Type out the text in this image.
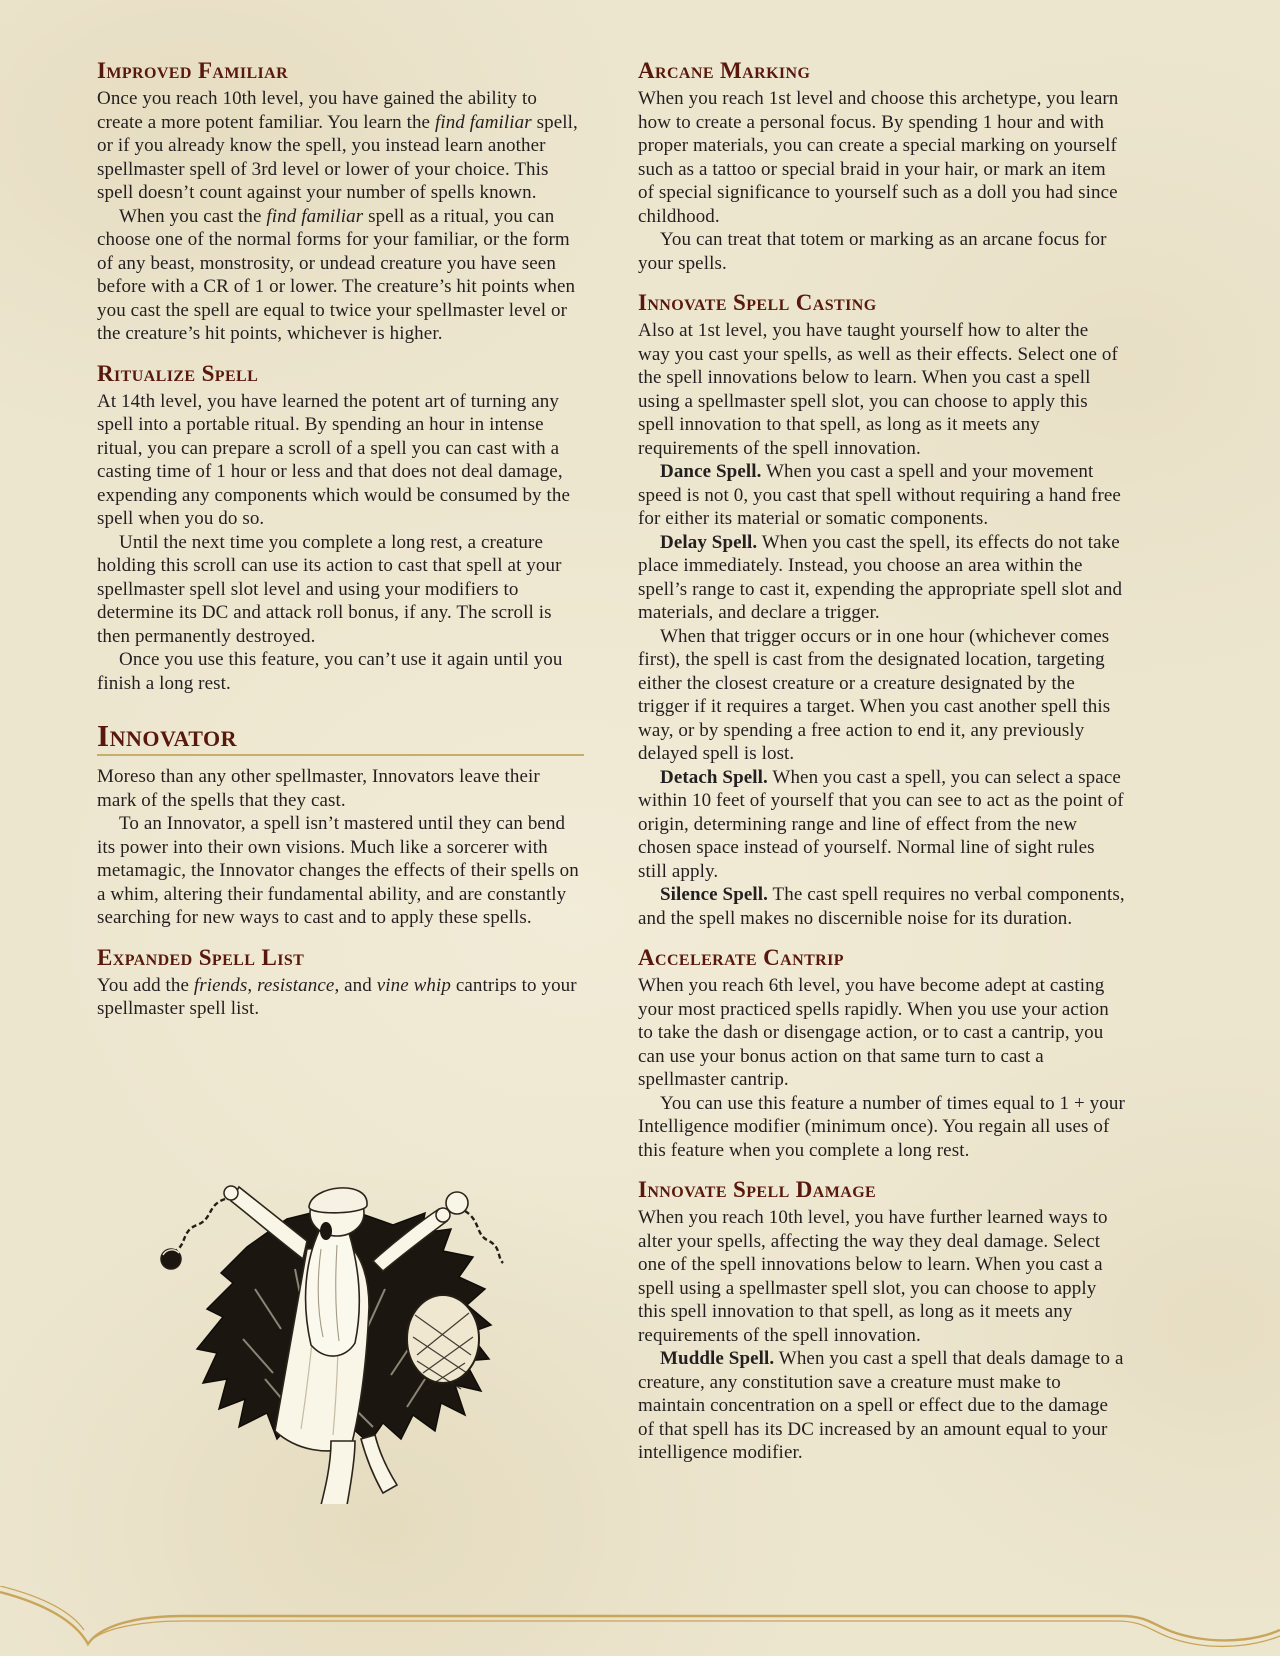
Improved Familiar

Once you reach 10th level, you have gained the ability to create a more potent familiar. You learn the find familiar spell, or if you already know the spell, you instead learn another spellmaster spell of 3rd level or lower of your choice. This spell doesn’t count against your number of spells known.

When you cast the find familiar spell as a ritual, you can choose one of the normal forms for your familiar, or the form of any beast, monstrosity, or undead creature you have seen before with a CR of 1 or lower. The creature’s hit points when you cast the spell are equal to twice your spellmaster level or the creature’s hit points, whichever is higher.

Ritualize Spell

At 14th level, you have learned the potent art of turning any spell into a portable ritual. By spending an hour in intense ritual, you can prepare a scroll of a spell you can cast with a casting time of 1 hour or less and that does not deal damage, expending any components which would be consumed by the spell when you do so.

Until the next time you complete a long rest, a creature holding this scroll can use its action to cast that spell at your spellmaster spell slot level and using your modifiers to determine its DC and attack roll bonus, if any. The scroll is then permanently destroyed.

Once you use this feature, you can’t use it again until you finish a long rest.

Innovator

Moreso than any other spellmaster, Innovators leave their mark of the spells that they cast.

To an Innovator, a spell isn’t mastered until they can bend its power into their own visions. Much like a sorcerer with metamagic, the Innovator changes the effects of their spells on a whim, altering their fundamental ability, and are constantly searching for new ways to cast and to apply these spells.

Expanded Spell List

You add the friends, resistance, and vine whip cantrips to your spellmaster spell list.

Arcane Marking

When you reach 1st level and choose this archetype, you learn how to create a personal focus. By spending 1 hour and with proper materials, you can create a special marking on yourself such as a tattoo or special braid in your hair, or mark an item of special significance to yourself such as a doll you had since childhood.

You can treat that totem or marking as an arcane focus for your spells.

Innovate Spell Casting

Also at 1st level, you have taught yourself how to alter the way you cast your spells, as well as their effects. Select one of the spell innovations below to learn. When you cast a spell using a spellmaster spell slot, you can choose to apply this spell innovation to that spell, as long as it meets any requirements of the spell innovation.

Dance Spell. When you cast a spell and your movement speed is not 0, you cast that spell without requiring a hand free for either its material or somatic components.

Delay Spell. When you cast the spell, its effects do not take place immediately. Instead, you choose an area within the spell’s range to cast it, expending the appropriate spell slot and materials, and declare a trigger.

When that trigger occurs or in one hour (whichever comes first), the spell is cast from the designated location, targeting either the closest creature or a creature designated by the trigger if it requires a target. When you cast another spell this way, or by spending a free action to end it, any previously delayed spell is lost.

Detach Spell. When you cast a spell, you can select a space within 10 feet of yourself that you can see to act as the point of origin, determining range and line of effect from the new chosen space instead of yourself. Normal line of sight rules still apply.

Silence Spell. The cast spell requires no verbal components, and the spell makes no discernible noise for its duration.

Accelerate Cantrip

When you reach 6th level, you have become adept at casting your most practiced spells rapidly. When you use your action to take the dash or disengage action, or to cast a cantrip, you can use your bonus action on that same turn to cast a spellmaster cantrip.

You can use this feature a number of times equal to 1 + your Intelligence modifier (minimum once). You regain all uses of this feature when you complete a long rest.

Innovate Spell Damage

When you reach 10th level, you have further learned ways to alter your spells, affecting the way they deal damage. Select one of the spell innovations below to learn. When you cast a spell using a spellmaster spell slot, you can choose to apply this spell innovation to that spell, as long as it meets any requirements of the spell innovation.

Muddle Spell. When you cast a spell that deals damage to a creature, any constitution save a creature must make to maintain concentration on a spell or effect due to the damage of that spell has its DC increased by an amount equal to your intelligence modifier.
